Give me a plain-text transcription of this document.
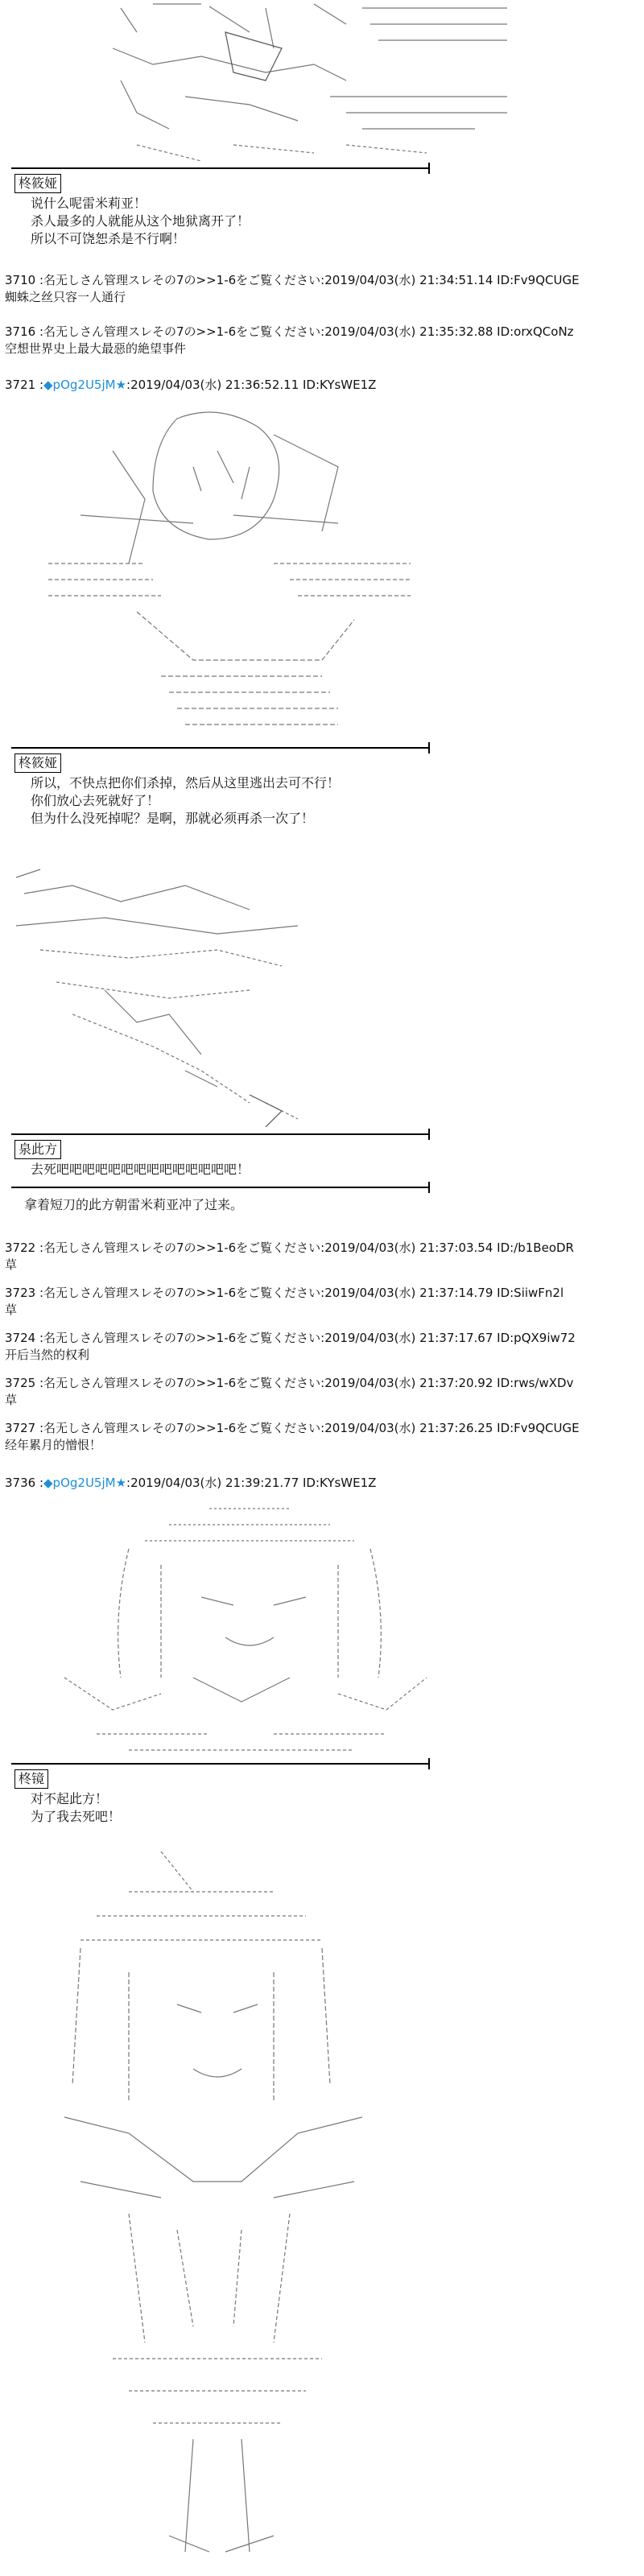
柊筱娅
说什么呢雷米莉亚！
杀人最多的人就能从这个地狱离开了！
所以不可饶恕杀是不行啊！
3710 :名无しさん管理スレその7の>>1-6をご覧ください:2019/04/03(水) 21:34:51.14 ID:Fv9QCUGE
蜘蛛之丝只容一人通行
3716 :名无しさん管理スレその7の>>1-6をご覧ください:2019/04/03(水) 21:35:32.88 ID:orxQCoNz
空想世界史上最大最惡的絶望事件
3721 :◆pOg2U5jM★:2019/04/03(水) 21:36:52.11 ID:KYsWE1Z
柊筱娅
所以，不快点把你们杀掉，然后从这里逃出去可不行！
你们放心去死就好了！
但为什么没死掉呢？是啊，那就必须再杀一次了！
泉此方
去死吧吧吧吧吧吧吧吧吧吧吧吧吧吧！
拿着短刀的此方朝雷米莉亚冲了过来。
3722 :名无しさん管理スレその7の>>1-6をご覧ください:2019/04/03(水) 21:37:03.54 ID:/b1BeoDR
草
3723 :名无しさん管理スレその7の>>1-6をご覧ください:2019/04/03(水) 21:37:14.79 ID:SiiwFn2l
草
3724 :名无しさん管理スレその7の>>1-6をご覧ください:2019/04/03(水) 21:37:17.67 ID:pQX9iw72
开后当然的权利
3725 :名无しさん管理スレその7の>>1-6をご覧ください:2019/04/03(水) 21:37:20.92 ID:rws/wXDv
草
3727 :名无しさん管理スレその7の>>1-6をご覧ください:2019/04/03(水) 21:37:26.25 ID:Fv9QCUGE
经年累月的憎恨！
3736 :◆pOg2U5jM★:2019/04/03(水) 21:39:21.77 ID:KYsWE1Z
柊镜
对不起此方！
为了我去死吧！
